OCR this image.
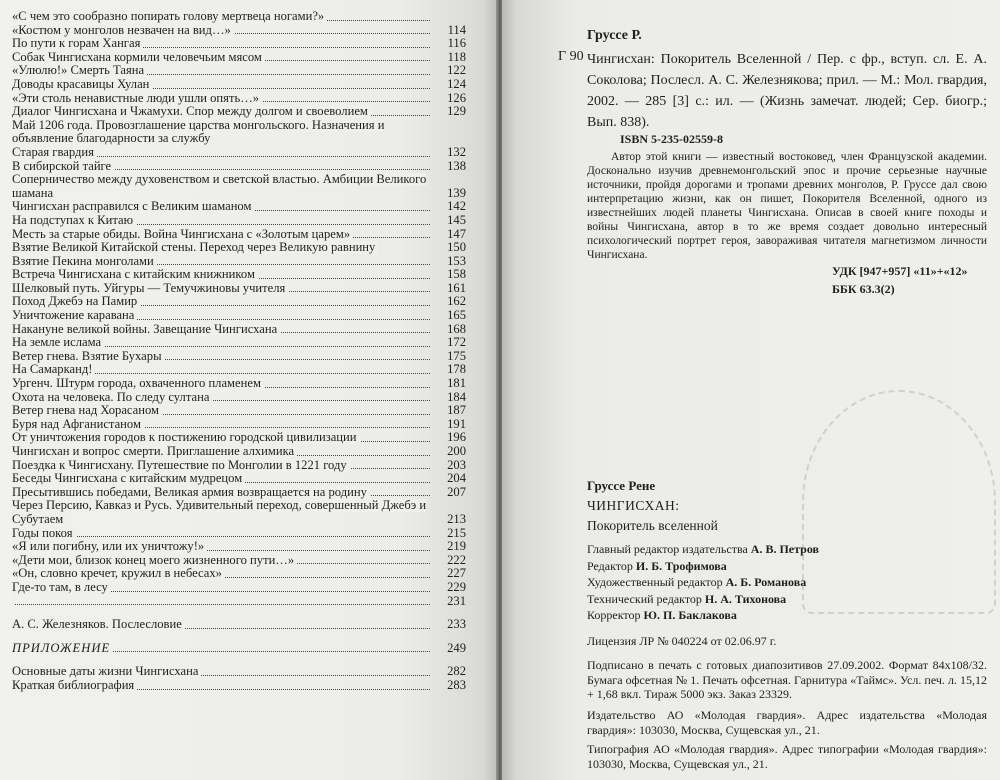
«С чем это сообразно попирать голову мертвеца ногами?»
«Костюм у монголов незвачен на вид…»	114
По пути к горам Хангая	116
Собак Чингисхана кормили человечьим мясом	118
«Улюлю!» Смерть Таяна	122
Доводы красавицы Хулан	124
«Эти столь ненавистные люди ушли опять…»	126
Диалог Чингисхана и Чжамухи. Спор между долгом и своеволием	129
Май 1206 года. Провозглашение царства монгольского. Назначения и объявление благодарности за службу
Старая гвардия	132
В сибирской тайге	138
Соперничество между духовенством и светской властью. Амбиции Великого шамана	139
Чингисхан расправился с Великим шаманом	142
На подступах к Китаю	145
Месть за старые обиды. Война Чингисхана с «Золотым царем»	147
Взятие Великой Китайской стены. Переход через Великую равнину	150
Взятие Пекина монголами	153
Встреча Чингисхана с китайским книжником	158
Шелковый путь. Уйгуры — Темучжиновы учителя	161
Поход Джебэ на Памир	162
Уничтожение каравана	165
Накануне великой войны. Завещание Чингисхана	168
На земле ислама	172
Ветер гнева. Взятие Бухары	175
На Самарканд!	178
Ургенч. Штурм города, охваченного пламенем	181
Охота на человека. По следу султана	184
Ветер гнева над Хорасаном	187
Буря над Афганистаном	191
От уничтожения городов к постижению городской цивилизации	196
Чингисхан и вопрос смерти. Приглашение алхимика	200
Поездка к Чингисхану. Путешествие по Монголии в 1221 году	203
Беседы Чингисхана с китайским мудрецом	204
Пресытившись победами, Великая армия возвращается на родину	207
Через Персию, Кавказ и Русь. Удивительный переход, совершенный Джебэ и Субутаем	213
Годы покоя	215
«Я или погибну, или их уничтожу!»	219
«Дети мои, близок конец моего жизненного пути…»	222
«Он, словно кречет, кружил в небесах»	227
Где-то там, в лесу	229
231
А. С. Железняков. Послесловие	233
ПРИЛОЖЕНИЕ	249
Основные даты жизни Чингисхана	282
Краткая библиография	283
Груссе Р.
Г 90 Чингисхан: Покоритель Вселенной / Пер. с фр., вступ. сл. Е. А. Соколова; Послесл. А. С. Железнякова; прил. — М.: Мол. гвардия, 2002. — 285 [3] с.: ил. — (Жизнь замечат. людей; Сер. биогр.; Вып. 838).
ISBN 5-235-02559-8
Автор этой книги — известный востоковед, член Французской академии. Досконально изучив древнемонгольский эпос и прочие серьезные научные источники, пройдя дорогами и тропами древних монголов, Р. Груссе дал свою интерпретацию жизни, как он пишет, Покорителя Вселенной, одного из известнейших людей планеты Чингисхана. Описав в своей книге походы и войны Чингисхана, автор в то же время создает довольно интересный психологический портрет героя, завораживая читателя магнетизмом личности Чингисхана.
УДК [947+957] «11»+«12»
ББК 63.3(2)
Груссе Рене
ЧИНГИСХАН:
Покоритель вселенной
Главный редактор издательства А. В. Петров
Редактор И. Б. Трофимова
Художественный редактор А. Б. Романова
Технический редактор Н. А. Тихонова
Корректор Ю. П. Баклакова
Лицензия ЛР № 040224 от 02.06.97 г.
Подписано в печать с готовых диапозитивов 27.09.2002. Формат 84х108/32. Бумага офсетная № 1. Печать офсетная. Гарнитура «Таймс». Усл. печ. л. 15,12 + 1,68 вкл. Тираж 5000 экз. Заказ 23329.
Издательство АО «Молодая гвардия». Адрес издательства «Молодая гвардия»: 103030, Москва, Сущевская ул., 21.
Типография АО «Молодая гвардия». Адрес типографии «Молодая гвардия»: 103030, Москва, Сущевская ул., 21.
